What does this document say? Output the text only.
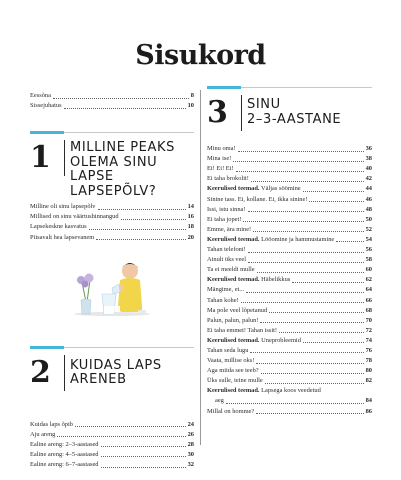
Sisukord
Eessõna	8
Sissejuhatus	10
1	MILLINE PEAKS
OLEMA SINU
LAPSE LAPSEPÕLV?
Milline oli sinu lapsepõlv	14
Millised on sinu väärtushinnangud	16
Lapsekeskne kasvatus	18
Piisavalt hea lapsevanem	20
2	KUIDAS LAPS
ARENEB
Kuidas laps õpib	24
Aju areng	26
Ealine areng: 2–3-aastased	28
Ealine areng: 4–5-aastased	30
Ealine areng: 6–7-aastased	32
3	SINU
2–3-AASTANE
Minu oma!	36
Mina ise!	38
Ei! Ei! Ei!	40
Ei taha brokolit!	42
Keerulised teemad. Väljas söömine	44
Sinine tass. Ei, kollane. Ei, ikka sinine!	46
Issi, istu sinna!	48
Ei taha jopet!	50
Emme, ära mine!	52
Keerulised teemad. Lööomine ja hammustamine	54
Tahan telefoni!	56
Ainult üks veel	58
Ta ei meeldi mulle	60
Keerulised teemad. Häbelikkus	62
Mängime, et...	64
Tahan kohe!	66
Ma pole veel lõpetanud	68
Palun, palun, palun!	70
Ei taha emmet! Tahan issit!	72
Keerulised teemad. Uneprobleemid	74
Tahan seda lugu	76
Vaata, millise oks!	78
Aga miida see teeb?	80
Üks sulle, teine mulle	82
Keerulised teemad. Lapsega koos veedetud
aeg	84
Millal on homme?	86
